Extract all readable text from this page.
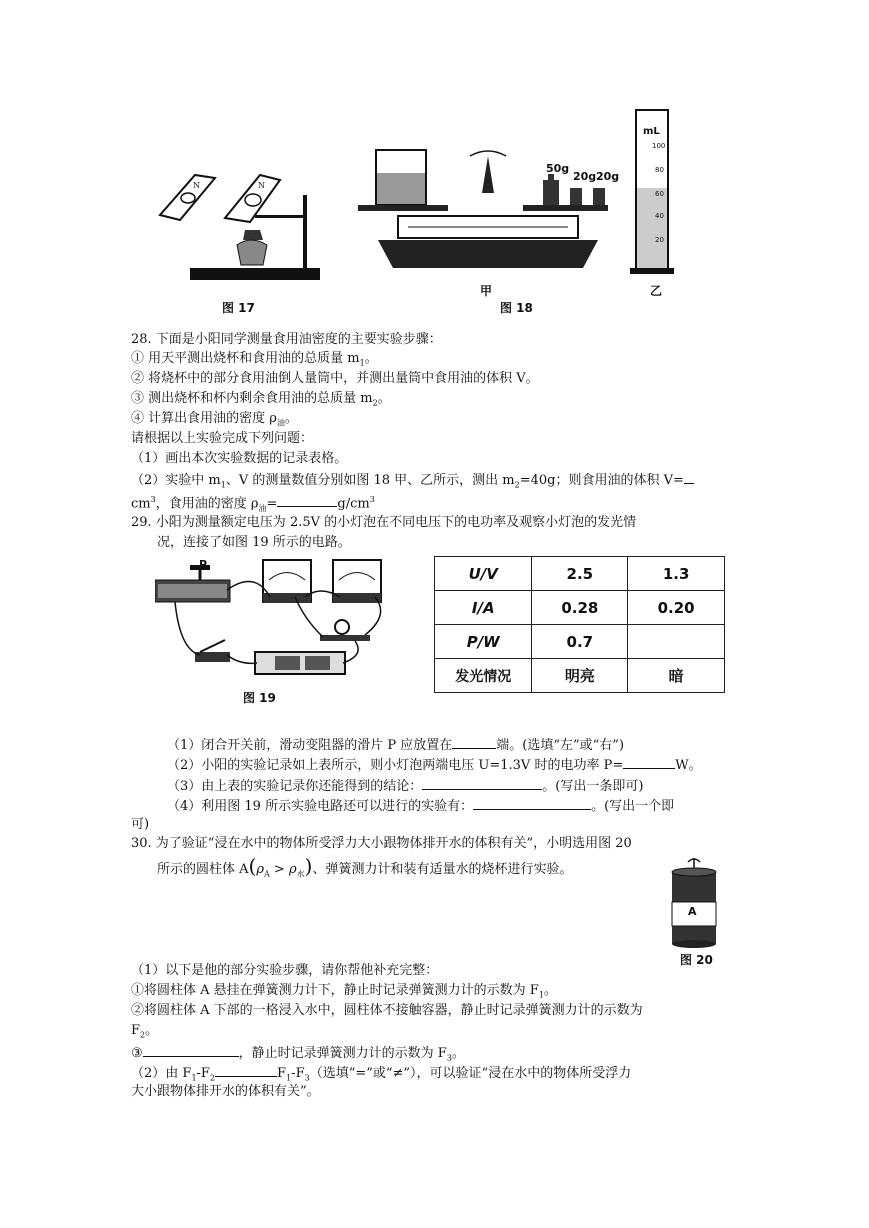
N	N
图 17
50g
20g 20g
甲
图 18
mL
100
80
60
40
20
乙
28. 下面是小阳同学测量食用油密度的主要实验步骤：
① 用天平测出烧杯和食用油的总质量 $m_1$。
② 将烧杯中的部分食用油倒人量筒中，并测出量筒中食用油的体积 V。
③ 测出烧杯和杯内剩余食用油的总质量 $m_2$。
④ 计算出食用油的密度 $\rho_油$。
请根据以上实验完成下列问题：
（1）画出本次实验数据的记录表格。
（2）实验中 $m_1$、V 的测量数值分别如图 18 甲、乙所示，测出 $m_2=40g$；则食用油的体积 V=
$cm^3$，食用油的密度 $\rho_油=$	$g/cm^3$
29. 小阳为测量额定电压为 2.5V 的小灯泡在不同电压下的电功率及观察小灯泡的发光情
况，连接了如图 19 所示的电路。
P
图 19
U/V	2.5	1.3
I/A	0.28	0.20
P/W	0.7	
发光情况	明亮	暗
（1）闭合开关前，滑动变阻器的滑片 P 应放置在	端。(选填“左”或“右”)
（2）小阳的实验记录如上表所示，则小灯泡两端电压 U=1.3V 时的电功率 P=	W。
（3）由上表的实验记录你还能得到的结论：	。(写出一条即可)
（4）利用图 19 所示实验电路还可以进行的实验有：	。(写出一个即
可)
30. 为了验证“浸在水中的物体所受浮力大小跟物体排开水的体积有关”，小明选用图 20
所示的圆柱体 $A(\rho_A > \rho_水)$、弹簧测力计和装有适量水的烧杯进行实验。
A
图 20
（1）以下是他的部分实验步骤，请你帮他补充完整：
①将圆柱体 A 悬挂在弹簧测力计下，静止时记录弹簧测力计的示数为 $F_1$。
②将圆柱体 A 下部的一格浸入水中，圆柱体不接触容器，静止时记录弹簧测力计的示数为
$F_2$。
③	，静止时记录弹簧测力计的示数为 $F_3$。
（2）由 $F_1-F_2$	$F_1-F_3$（选填“=”或“≠”），可以验证“浸在水中的物体所受浮力
大小跟物体排开水的体积有关”。
